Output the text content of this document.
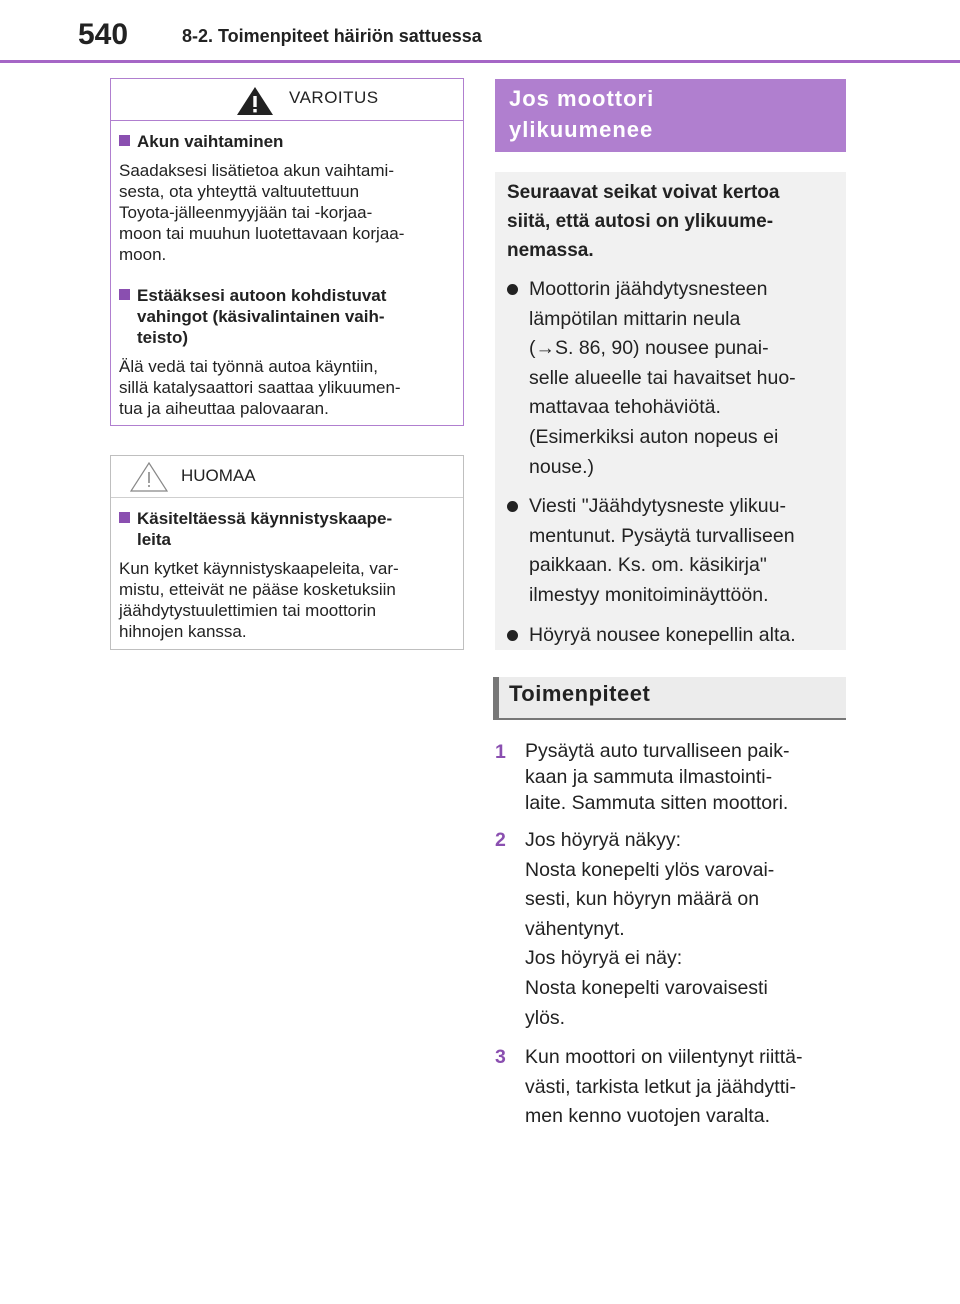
540	8-2. Toimenpiteet häiriön sattuessa
VAROITUS
Akun vaihtaminen
Saadaksesi lisätietoa akun vaihtami-
sesta, ota yhteyttä valtuutettuun
Toyota-jälleenmyyjään tai -korjaa-
moon tai muuhun luotettavaan korjaa-
moon.
Estääksesi autoon kohdistuvat
vahingot (käsivalintainen vaih-
teisto)
Älä vedä tai työnnä autoa käyntiin,
sillä katalysaattori saattaa ylikuumen-
tua ja aiheuttaa palovaaran.
HUOMAA
Käsiteltäessä käynnistyskaape-
leita
Kun kytket käynnistyskaapeleita, var-
mistu, etteivät ne pääse kosketuksiin
jäähdytystuulettimien tai moottorin
hihnojen kanssa.
Jos moottori
ylikuumenee
Seuraavat seikat voivat kertoa
siitä, että autosi on ylikuume-
nemassa.
Moottorin jäähdytysnesteen
lämpötilan mittarin neula
(→S. 86, 90) nousee punai-
selle alueelle tai havaitset huo-
mattavaa tehohäviötä.
(Esimerkiksi auton nopeus ei
nouse.)
Viesti "Jäähdytysneste ylikuu-
mentunut. Pysäytä turvalliseen
paikkaan. Ks. om. käsikirja"
ilmestyy monitoiminäyttöön.
Höyryä nousee konepellin alta.
Toimenpiteet
1 Pysäytä auto turvalliseen paik-
kaan ja sammuta ilmastointi-
laite. Sammuta sitten moottori.
2 Jos höyryä näkyy:
Nosta konepelti ylös varovai-
sesti, kun höyryn määrä on
vähentynyt.
Jos höyryä ei näy:
Nosta konepelti varovaisesti
ylös.
3 Kun moottori on viilentynyt riittä-
västi, tarkista letkut ja jäähdytti-
men kenno vuotojen varalta.
